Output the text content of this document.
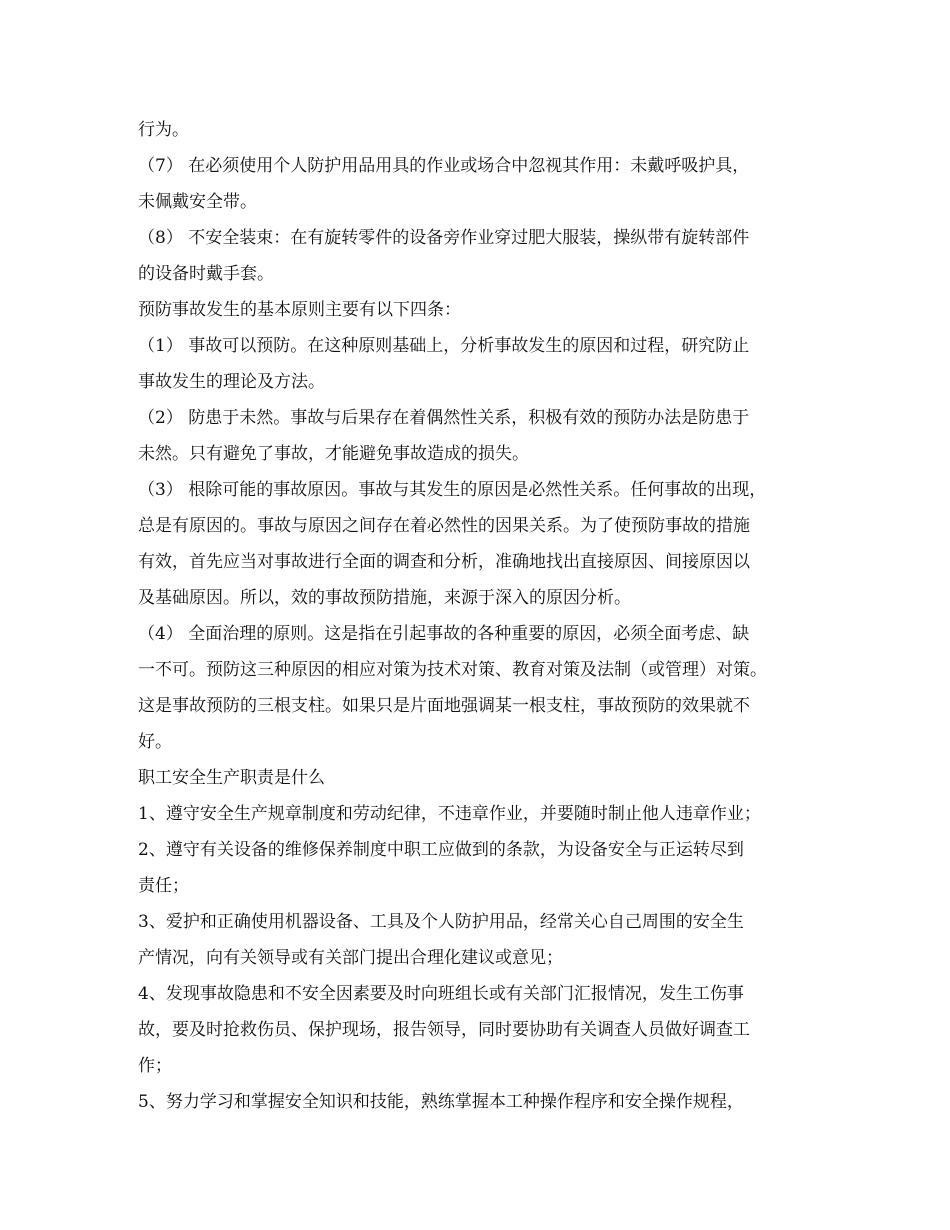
行为。
（7） 在必须使用个人防护用品用具的作业或场合中忽视其作用：未戴呼吸护具，
未佩戴安全带。
（8） 不安全装束：在有旋转零件的设备旁作业穿过肥大服装，操纵带有旋转部件
的设备时戴手套。
预防事故发生的基本原则主要有以下四条：
（1） 事故可以预防。在这种原则基础上，分析事故发生的原因和过程，研究防止
事故发生的理论及方法。
（2） 防患于未然。事故与后果存在着偶然性关系，积极有效的预防办法是防患于
未然。只有避免了事故，才能避免事故造成的损失。
（3） 根除可能的事故原因。事故与其发生的原因是必然性关系。任何事故的出现，
总是有原因的。事故与原因之间存在着必然性的因果关系。为了使预防事故的措施
有效，首先应当对事故进行全面的调查和分析，准确地找出直接原因、间接原因以
及基础原因。所以，效的事故预防措施，来源于深入的原因分析。
（4） 全面治理的原则。这是指在引起事故的各种重要的原因，必须全面考虑、缺
一不可。预防这三种原因的相应对策为技术对策、教育对策及法制（或管理）对策。
这是事故预防的三根支柱。如果只是片面地强调某一根支柱，事故预防的效果就不
好。
职工安全生产职责是什么
1、遵守安全生产规章制度和劳动纪律，不违章作业，并要随时制止他人违章作业；
2、遵守有关设备的维修保养制度中职工应做到的条款，为设备安全与正运转尽到
责任；
3、爱护和正确使用机器设备、工具及个人防护用品，经常关心自己周围的安全生
产情况，向有关领导或有关部门提出合理化建议或意见；
4、发现事故隐患和不安全因素要及时向班组长或有关部门汇报情况，发生工伤事
故，要及时抢救伤员、保护现场，报告领导，同时要协助有关调查人员做好调查工
作；
5、努力学习和掌握安全知识和技能，熟练掌握本工种操作程序和安全操作规程，
